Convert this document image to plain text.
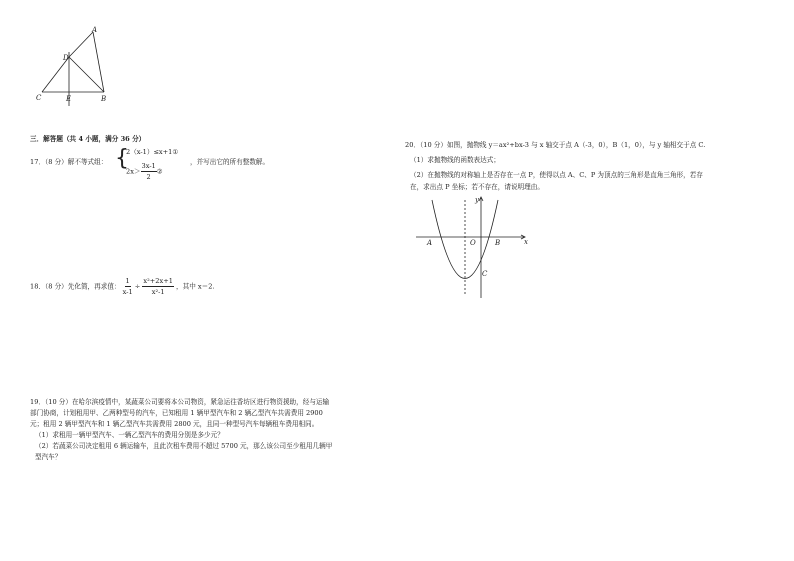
A
D
C	E	B
三．解答题（共 4 小题，满分 36 分）
17．（8 分）解不等式组： {
2（x-1）≤x+1①
$2x> \frac{3x-1}{2}$ ②
，并写出它的所有整数解。
18．（8 分）先化简，再求值： $\frac{1}{x-1} \div \frac{\text{x²+2x+1}}{\text{x²-1}}$ ，其中 x＝2.
19．（10 分）在哈尔滨疫情中，某蔬菜公司要将本公司物资，紧急运往香坊区进行物资援助，经与运输
部门协商，计划租用甲、乙两种型号的汽车，已知租用 1 辆甲型汽车和 2 辆乙型汽车共需费用 2900
元；租用 2 辆甲型汽车和 1 辆乙型汽车共需费用 2800 元，且同一种型号汽车每辆租车费用相同。
（1）求租用一辆甲型汽车、一辆乙型汽车的费用分别是多少元？
（2）若蔬菜公司决定租用 6 辆运输车，且此次租车费用不超过 5700 元，那么该公司至少租用几辆甲
型汽车？
20．（10 分）如图，抛物线 y＝ax²+bx-3 与 x 轴交于点 A（-3，0），B（1，0），与 y 轴相交于点 C.
（1）求抛物线的函数表达式；
（2）在抛物线的对称轴上是否存在一点 P，使得以点 A、C、P 为顶点的三角形是直角三角形，若存
在，求出点 P 坐标；若不存在，请说明理由。
y
x
A	O	B
C
